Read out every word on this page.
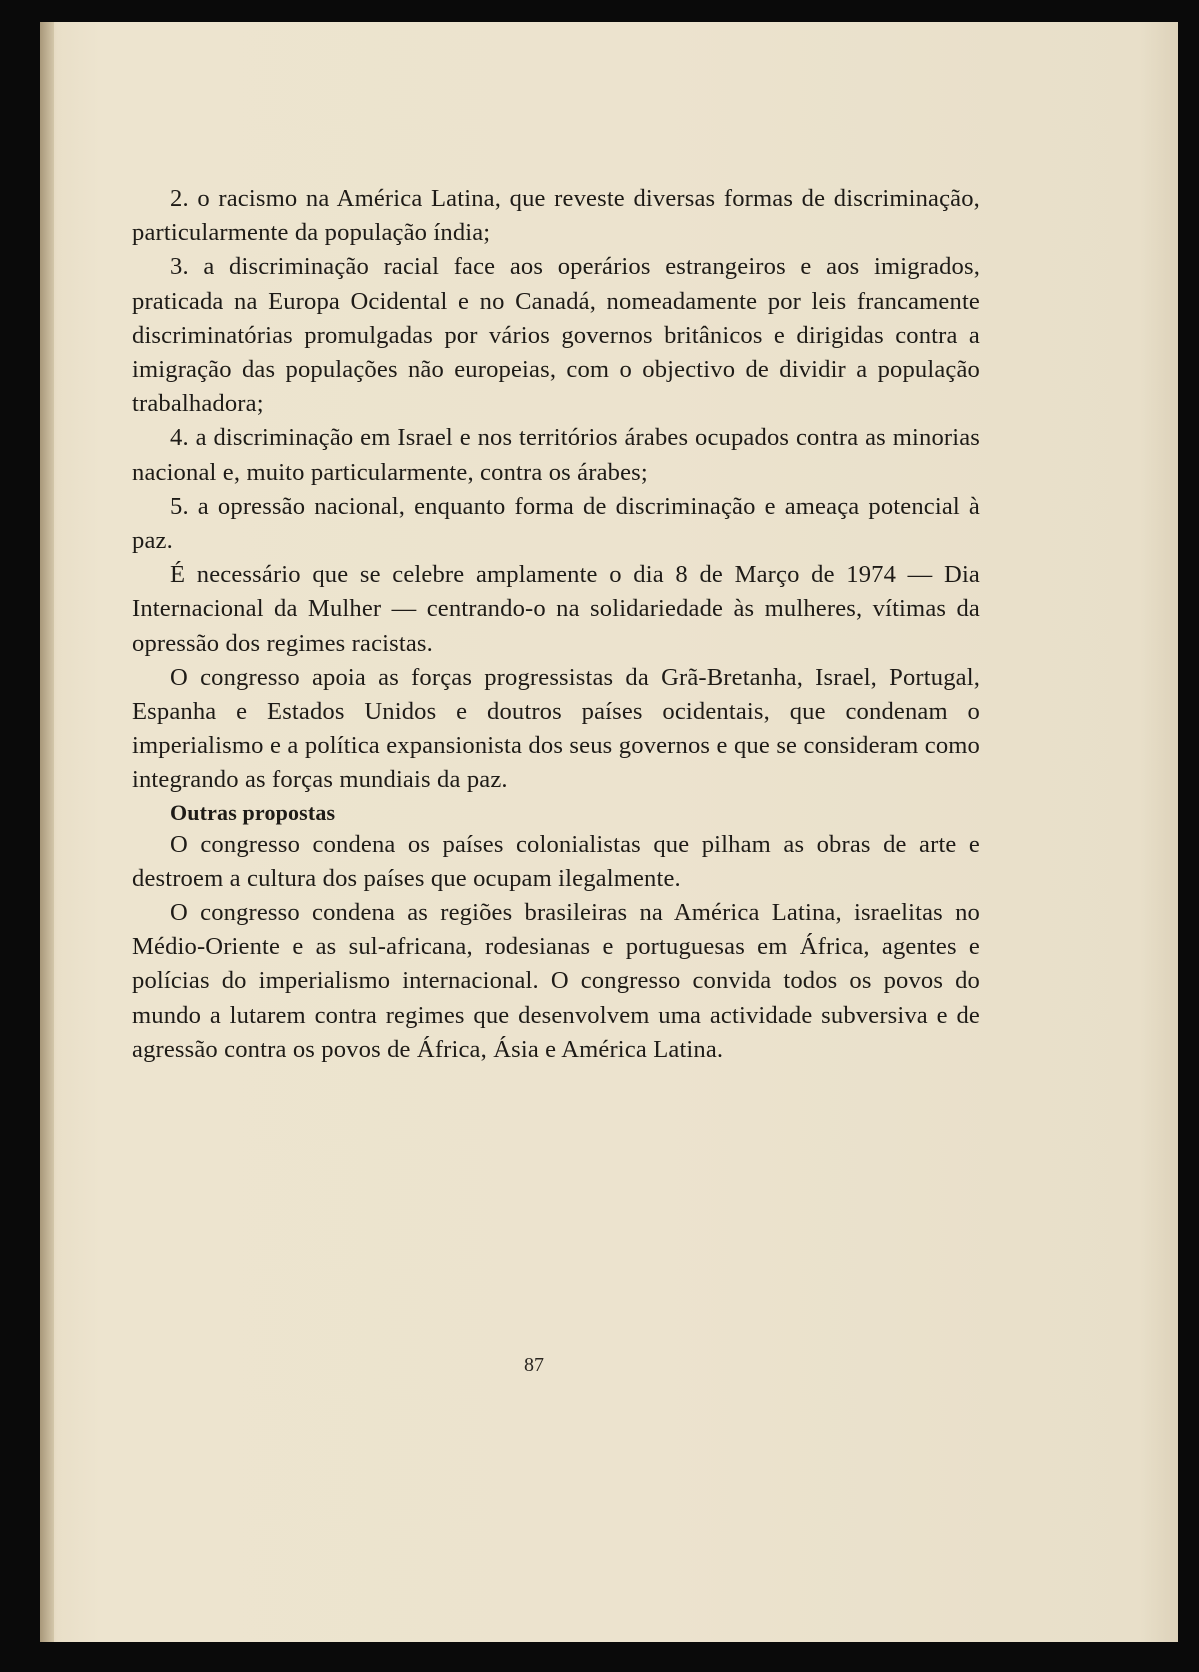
2. o racismo na América Latina, que reveste diversas formas de discriminação, particularmente da população índia;

3. a discriminação racial face aos operários estrangeiros e aos imigrados, praticada na Europa Ocidental e no Canadá, nomeadamente por leis francamente discriminatórias promulgadas por vários governos britânicos e dirigidas contra a imigração das populações não europeias, com o objectivo de dividir a população trabalhadora;

4. a discriminação em Israel e nos territórios árabes ocupados contra as minorias nacional e, muito particularmente, contra os árabes;

5. a opressão nacional, enquanto forma de discriminação e ameaça potencial à paz.

É necessário que se celebre amplamente o dia 8 de Março de 1974 — Dia Internacional da Mulher — centrando-o na solidariedade às mulheres, vítimas da opressão dos regimes racistas.

O congresso apoia as forças progressistas da Grã-Bretanha, Israel, Portugal, Espanha e Estados Unidos e doutros países ocidentais, que condenam o imperialismo e a política expansionista dos seus governos e que se consideram como integrando as forças mundiais da paz.

Outras propostas

O congresso condena os países colonialistas que pilham as obras de arte e destroem a cultura dos países que ocupam ilegalmente.

O congresso condena as regiões brasileiras na América Latina, israelitas no Médio-Oriente e as sul-africana, rodesianas e portuguesas em África, agentes e polícias do imperialismo internacional. O congresso convida todos os povos do mundo a lutarem contra regimes que desenvolvem uma actividade subversiva e de agressão contra os povos de África, Ásia e América Latina.

87
